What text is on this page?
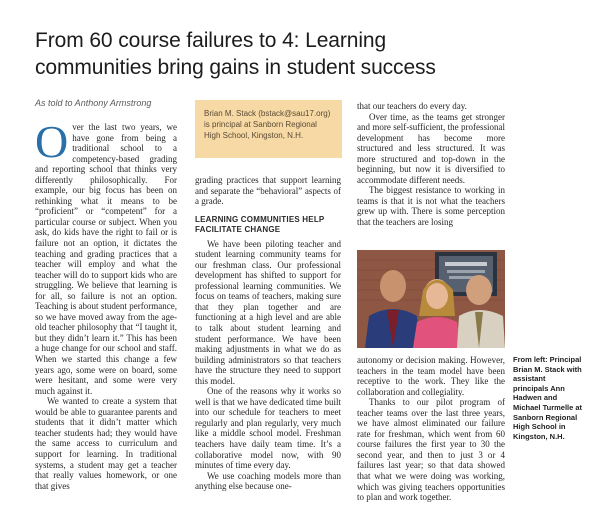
From 60 course failures to 4: Learning communities bring gains in student success

As told to Anthony Armstrong

Over the last two years, we have gone from being a traditional school to a competency-based grading and reporting school that thinks very differently philosophically. For example, our big focus has been on rethinking what it means to be “proficient” or “competent” for a particular course or subject. When you ask, do kids have the right to fail or is failure not an option, it dictates the teaching and grading practices that a teacher will employ and what the teacher will do to support kids who are struggling. We believe that learning is for all, so failure is not an option. Teaching is about student performance, so we have moved away from the age-old teacher philosophy that “I taught it, but they didn’t learn it.” This has been a huge change for our school and staff. When we started this change a few years ago, some were on board, some were hesitant, and some were very much against it.

We wanted to create a system that would be able to guarantee parents and students that it didn’t matter which teacher students had; they would have the same access to curriculum and support for learning. In traditional systems, a student may get a teacher that really values homework, or one that gives

Brian M. Stack (bstack@sau17.org) is principal at Sanborn Regional High School, Kingston, N.H.

grading practices that support learning and separate the “behavioral” aspects of a grade.

LEARNING COMMUNITIES HELP FACILITATE CHANGE

We have been piloting teacher and student learning community teams for our freshman class. Our professional development has shifted to support for professional learning communities. We focus on teams of teachers, making sure that they plan together and are functioning at a high level and are able to talk about student learning and student performance. We have been making adjustments in what we do as building administrators so that teachers have the structure they need to support this model.

One of the reasons why it works so well is that we have dedicated time built into our schedule for teachers to meet regularly and plan regularly, very much like a middle school model. Freshman teachers have daily team time. It’s a collaborative model now, with 90 minutes of time every day.

We use coaching models more than anything else because one-

that our teachers do every day.

Over time, as the teams get stronger and more self-sufficient, the professional development has become more structured and less structured. It was more structured and top-down in the beginning, but now it is diversified to accommodate different needs.

The biggest resistance to working in teams is that it is not what the teachers grew up with. There is some perception that the teachers are losing

autonomy or decision making. However, teachers in the team model have been receptive to the work. They like the collaboration and collegiality.

Thanks to our pilot program of teacher teams over the last three years, we have almost eliminated our failure rate for freshman, which went from 60 course failures the first year to 30 the second year, and then to just 3 or 4 failures last year; so that data showed that what we were doing was working, which was giving teachers opportunities to plan and work together.

From left: Principal Brian M. Stack with assistant principals Ann Hadwen and Michael Turmelle at Sanborn Regional High School in Kingston, N.H.
